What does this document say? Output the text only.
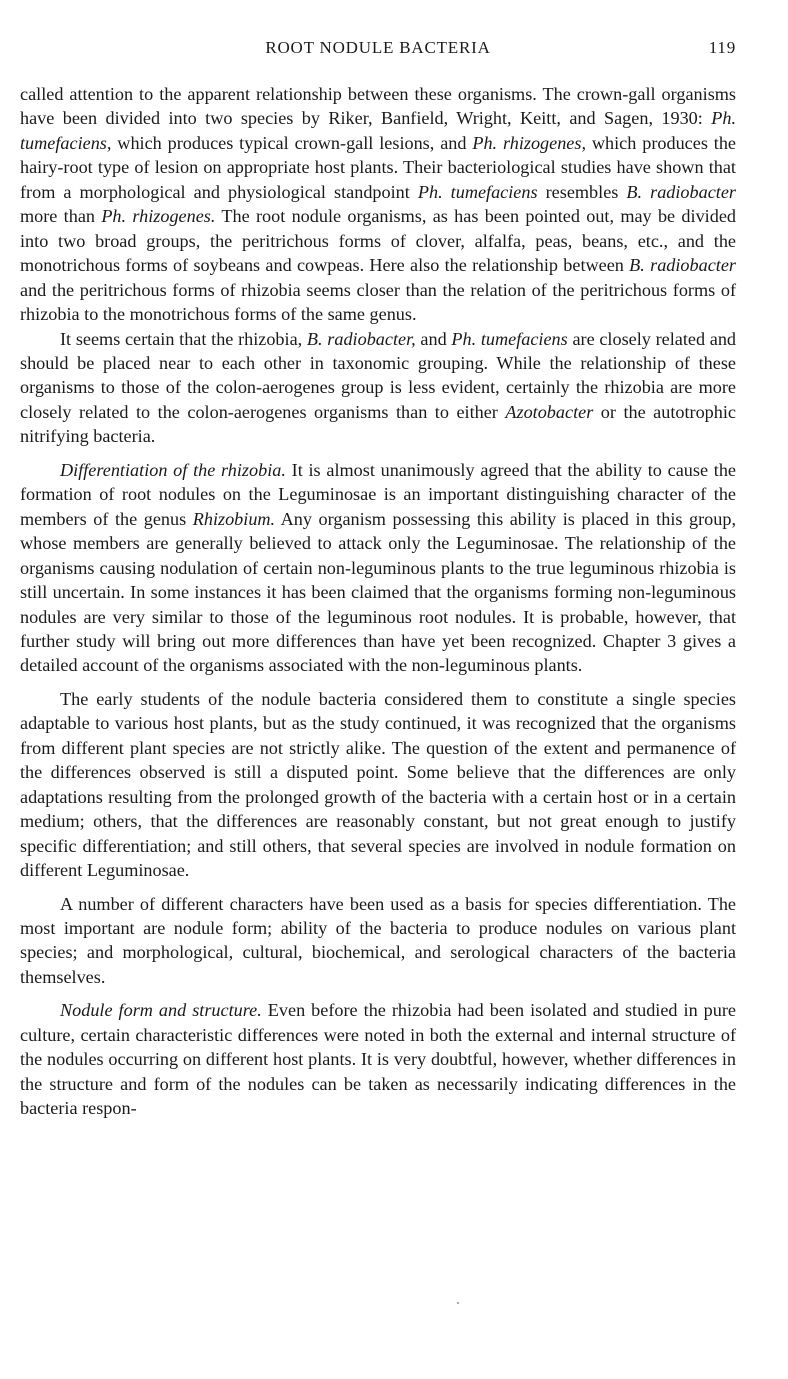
ROOT NODULE BACTERIA	119

called attention to the apparent relationship between these organisms. The crown-gall organisms have been divided into two species by Riker, Banfield, Wright, Keitt, and Sagen, 1930: Ph. tumefaciens, which produces typical crown-gall lesions, and Ph. rhizogenes, which produces the hairy-root type of lesion on appropriate host plants. Their bacteriological studies have shown that from a morphological and physiological standpoint Ph. tumefaciens resembles B. radiobacter more than Ph. rhizogenes. The root nodule organisms, as has been pointed out, may be divided into two broad groups, the peritrichous forms of clover, alfalfa, peas, beans, etc., and the monotrichous forms of soybeans and cowpeas. Here also the relationship between B. radiobacter and the peritrichous forms of rhizobia seems closer than the relation of the peritrichous forms of rhizobia to the monotrichous forms of the same genus.

It seems certain that the rhizobia, B. radiobacter, and Ph. tumefaciens are closely related and should be placed near to each other in taxonomic grouping. While the relationship of these organisms to those of the colon-aerogenes group is less evident, certainly the rhizobia are more closely related to the colon-aerogenes organisms than to either Azotobacter or the autotrophic nitrifying bacteria.

Differentiation of the rhizobia. It is almost unanimously agreed that the ability to cause the formation of root nodules on the Leguminosae is an important distinguishing character of the members of the genus Rhizobium. Any organism possessing this ability is placed in this group, whose members are generally believed to attack only the Leguminosae. The relationship of the organisms causing nodulation of certain non-leguminous plants to the true leguminous rhizobia is still uncertain. In some instances it has been claimed that the organisms forming non-leguminous nodules are very similar to those of the leguminous root nodules. It is probable, however, that further study will bring out more differences than have yet been recognized. Chapter 3 gives a detailed account of the organisms associated with the non-leguminous plants.

The early students of the nodule bacteria considered them to constitute a single species adaptable to various host plants, but as the study continued, it was recognized that the organisms from different plant species are not strictly alike. The question of the extent and permanence of the differences observed is still a disputed point. Some believe that the differences are only adaptations resulting from the prolonged growth of the bacteria with a certain host or in a certain medium; others, that the differences are reasonably constant, but not great enough to justify specific differentiation; and still others, that several species are involved in nodule formation on different Leguminosae.

A number of different characters have been used as a basis for species differentiation. The most important are nodule form; ability of the bacteria to produce nodules on various plant species; and morphological, cultural, biochemical, and serological characters of the bacteria themselves.

Nodule form and structure. Even before the rhizobia had been isolated and studied in pure culture, certain characteristic differences were noted in both the external and internal structure of the nodules occurring on different host plants. It is very doubtful, however, whether differences in the structure and form of the nodules can be taken as necessarily indicating differences in the bacteria respon-
